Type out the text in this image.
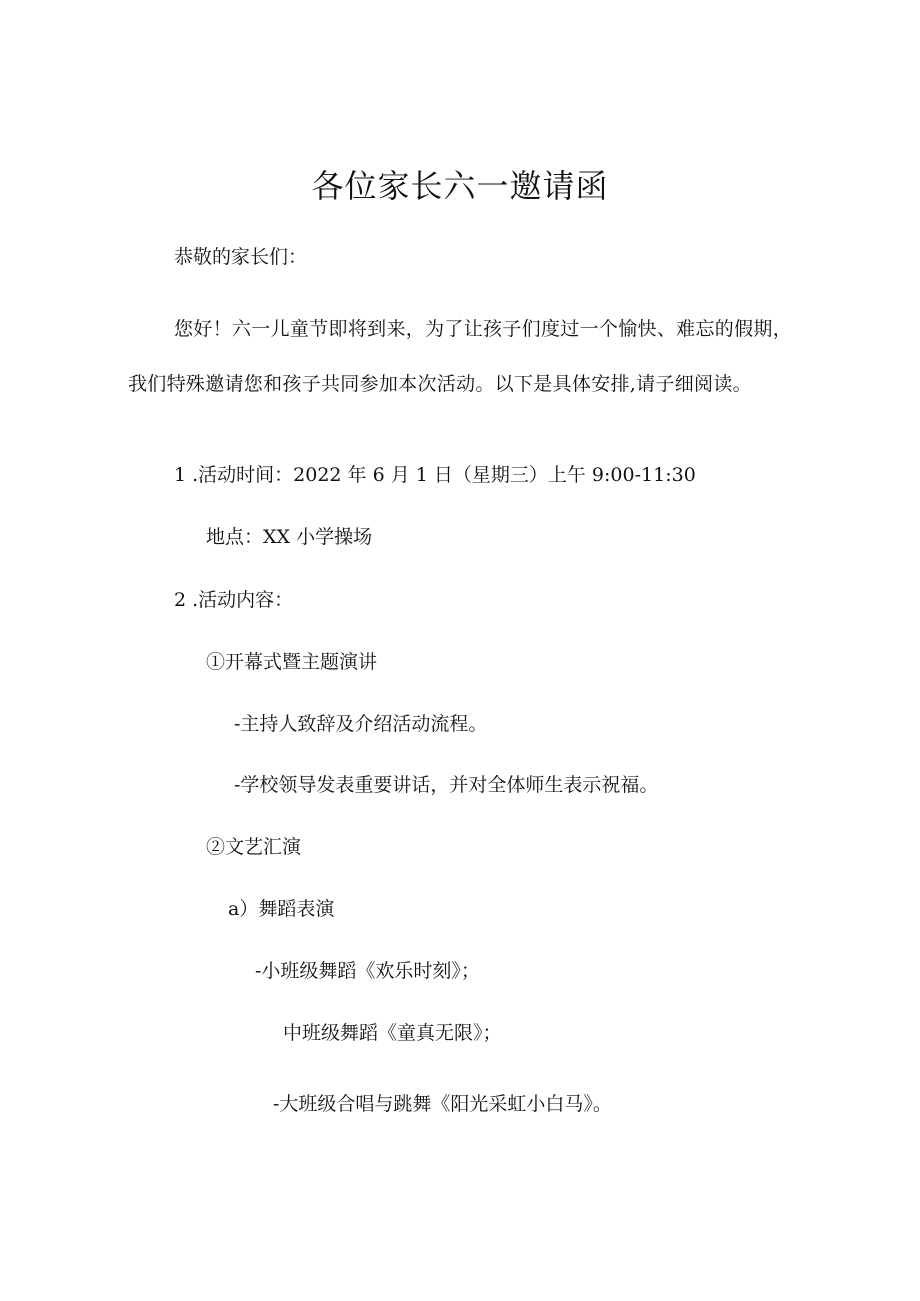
各位家长六一邀请函

恭敬的家长们：

您好！六一儿童节即将到来，为了让孩子们度过一个愉快、难忘的假期，我们特殊邀请您和孩子共同参加本次活动。以下是具体安排,请子细阅读。

1 .活动时间：2022 年 6 月 1 日（星期三）上午 9:00-11:30

地点：XX 小学操场

2 .活动内容：

①开幕式暨主题演讲

-主持人致辞及介绍活动流程。

-学校领导发表重要讲话，并对全体师生表示祝福。

②文艺汇演

a）舞蹈表演

-小班级舞蹈《欢乐时刻》；

中班级舞蹈《童真无限》；

-大班级合唱与跳舞《阳光采虹小白马》。
